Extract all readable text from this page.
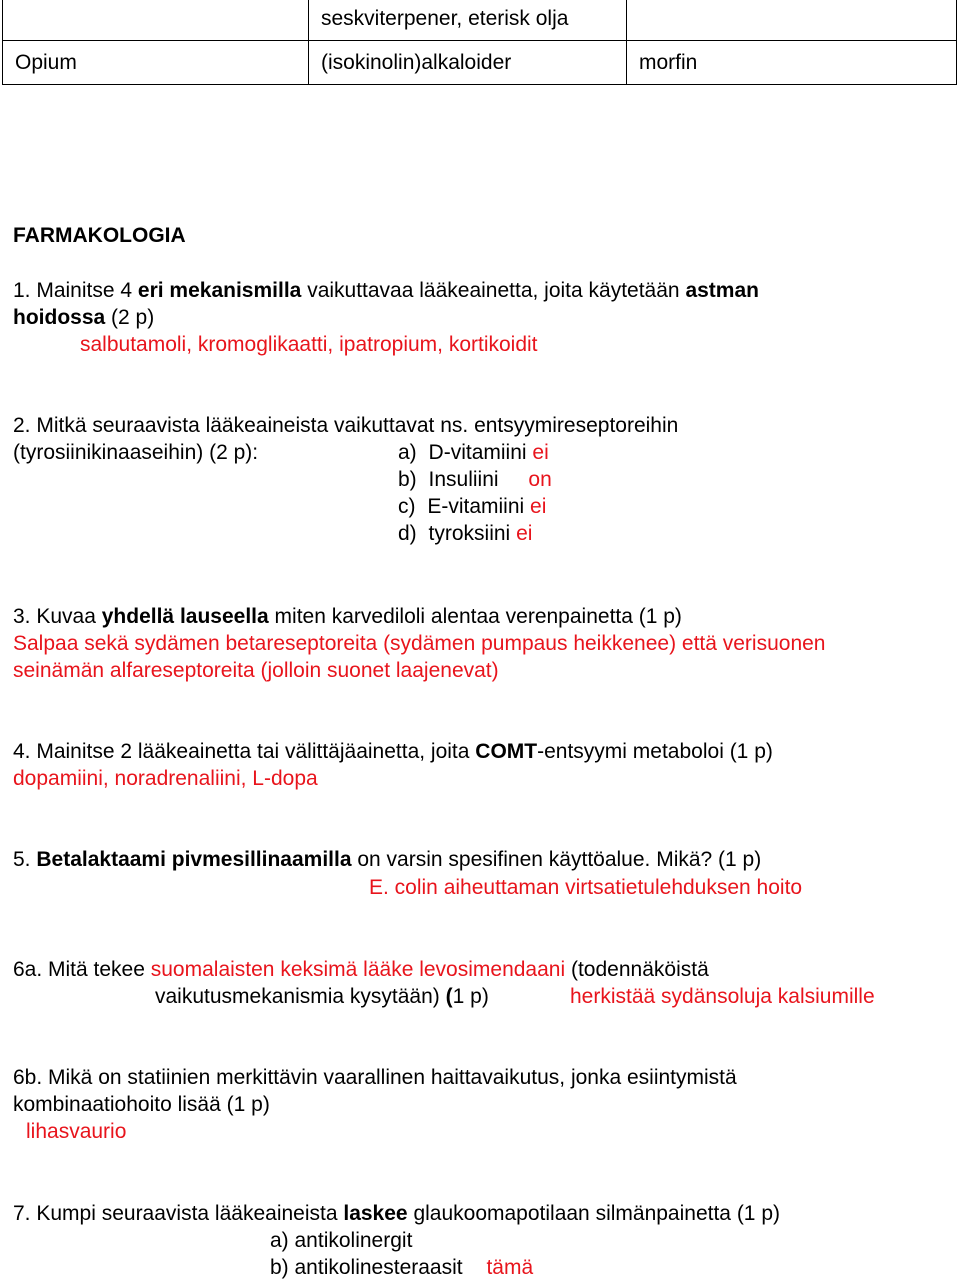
	seskviterpener, eterisk olja	
Opium	(isokinolin)alkaloider	morfin
FARMAKOLOGIA
1. Mainitse 4 eri mekanismilla vaikuttavaa lääkeainetta, joita käytetään astman
hoidossa (2 p)
salbutamoli, kromoglikaatti, ipatropium, kortikoidit
2. Mitkä seuraavista lääkeaineista vaikuttavat ns. entsyymireseptoreihin
(tyrosiinikinaaseihin) (2 p):	a) D-vitamiini ei
b) Insuliini on
c) E-vitamiini ei
d) tyroksiini ei
3. Kuvaa yhdellä lauseella miten karvediloli alentaa verenpainetta (1 p)
Salpaa sekä sydämen betareseptoreita (sydämen pumpaus heikkenee) että verisuonen
seinämän alfareseptoreita (jolloin suonet laajenevat)
4. Mainitse 2 lääkeainetta tai välittäjäainetta, joita COMT-entsyymi metaboloi (1 p)
dopamiini, noradrenaliini, L-dopa
5. Betalaktaami pivmesillinaamilla on varsin spesifinen käyttöalue. Mikä? (1 p)
E. colin aiheuttaman virtsatietulehduksen hoito
6a. Mitä tekee suomalaisten keksimä lääke levosimendaani (todennäköistä
vaikutusmekanismia kysytään) (1 p)	herkistää sydänsoluja kalsiumille
6b. Mikä on statiinien merkittävin vaarallinen haittavaikutus, jonka esiintymistä
kombinaatiohoito lisää (1 p)
lihasvaurio
7. Kumpi seuraavista lääkeaineista laskee glaukoomapotilaan silmänpainetta (1 p)
a) antikolinergit
b) antikolinesteraasit tämä
